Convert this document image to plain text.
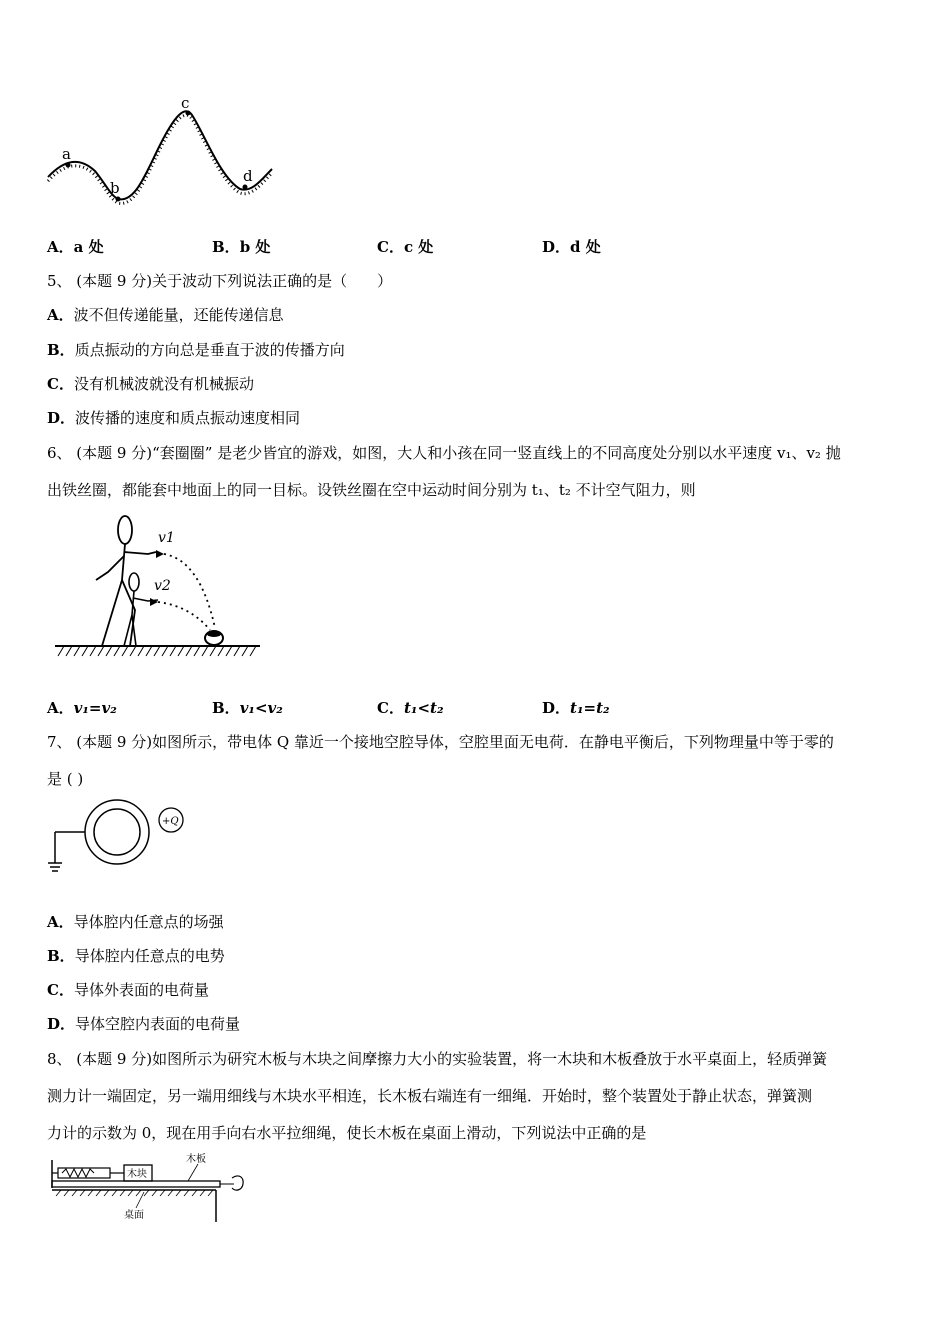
a
b
c
d
A．a 处	B．b 处	C．c 处	D．d 处
5、 (本题 9 分)关于波动下列说法正确的是（　　）
A．波不但传递能量，还能传递信息
B．质点振动的方向总是垂直于波的传播方向
C．没有机械波就没有机械振动
D．波传播的速度和质点振动速度相同
6、 (本题 9 分)“套圈圈” 是老少皆宜的游戏，如图，大人和小孩在同一竖直线上的不同高度处分别以水平速度 v₁、v₂ 抛
出铁丝圈，都能套中地面上的同一目标。设铁丝圈在空中运动时间分别为 t₁、t₂ 不计空气阻力，则
v1
v2
A．v₁=v₂	B．v₁<v₂	C．t₁<t₂	D．t₁=t₂
7、 (本题 9 分)如图所示，带电体 Q 靠近一个接地空腔导体，空腔里面无电荷．在静电平衡后，下列物理量中等于零的
是 ( )
+Q
A．导体腔内任意点的场强
B．导体腔内任意点的电势
C．导体外表面的电荷量
D．导体空腔内表面的电荷量
8、 (本题 9 分)如图所示为研究木板与木块之间摩擦力大小的实验装置，将一木块和木板叠放于水平桌面上，轻质弹簧
测力计一端固定，另一端用细线与木块水平相连，长木板右端连有一细绳．开始时，整个装置处于静止状态，弹簧测
力计的示数为 0，现在用手向右水平拉细绳，使长木板在桌面上滑动，下列说法中正确的是
木块
木板
桌面
